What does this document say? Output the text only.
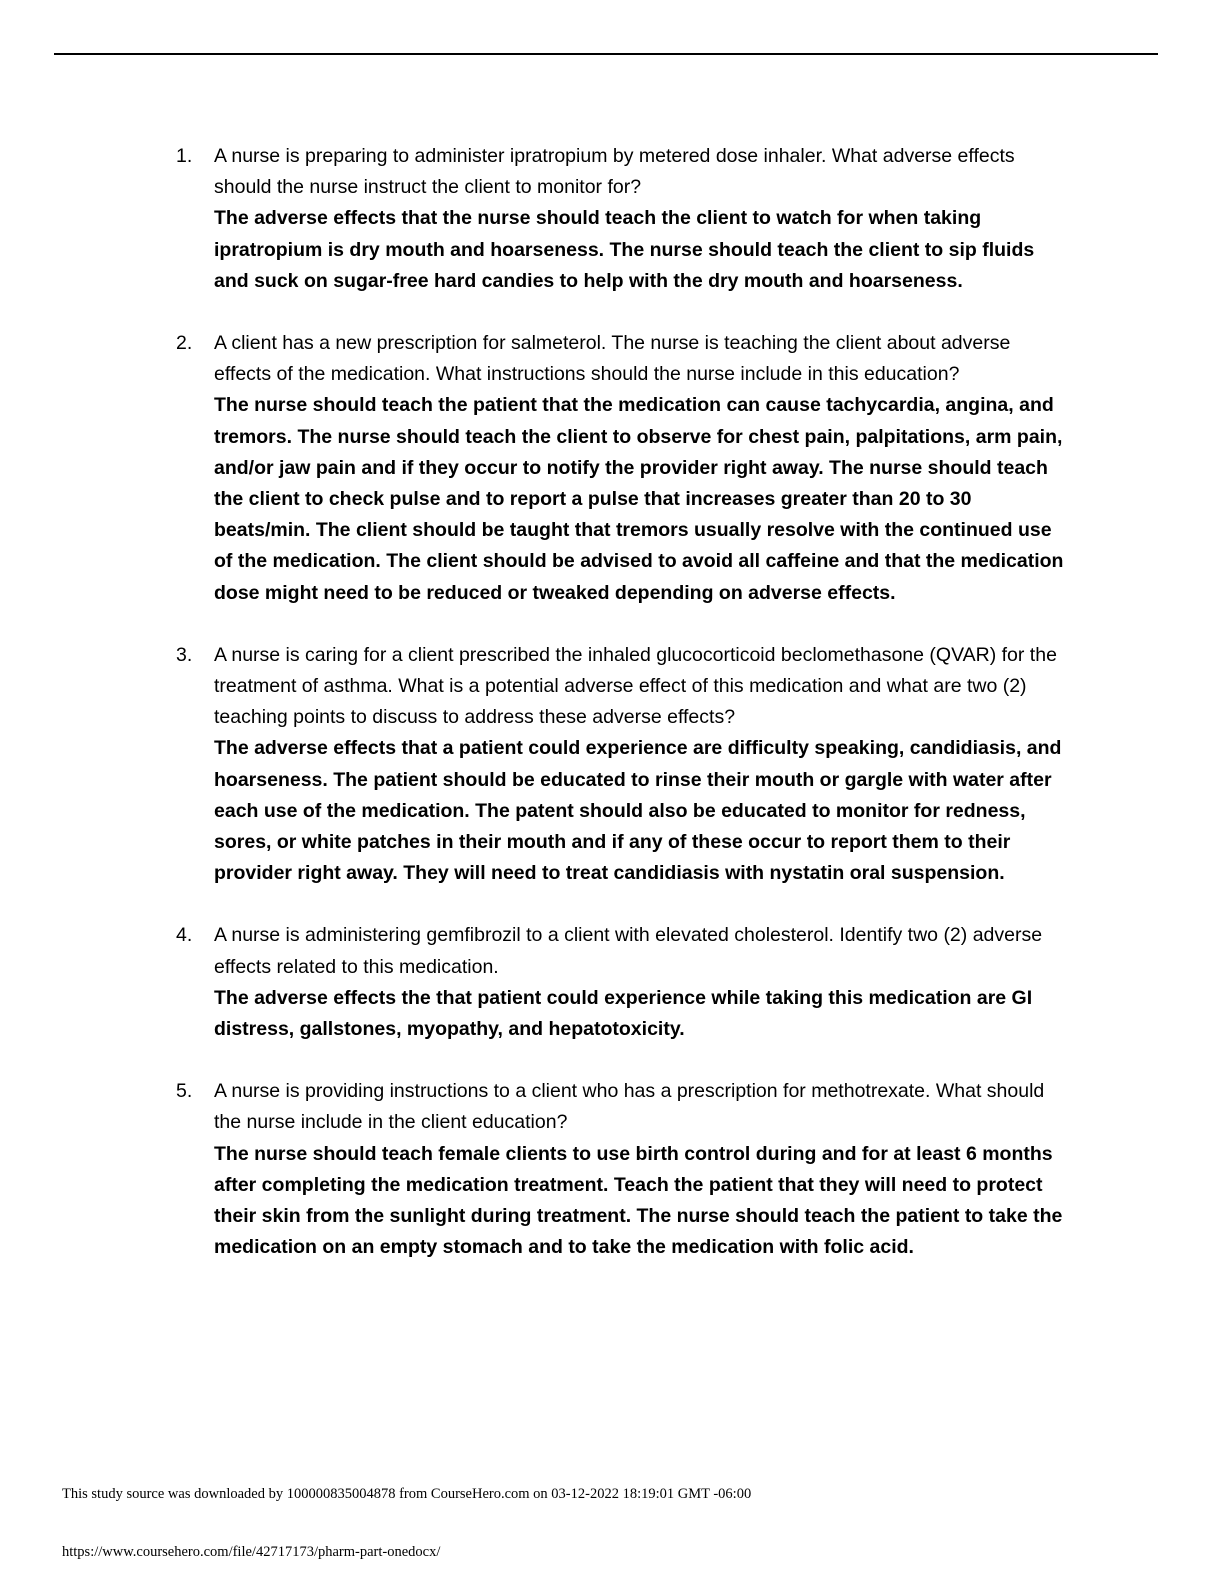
1. A nurse is preparing to administer ipratropium by metered dose inhaler. What adverse effects should the nurse instruct the client to monitor for?
The adverse effects that the nurse should teach the client to watch for when taking ipratropium is dry mouth and hoarseness. The nurse should teach the client to sip fluids and suck on sugar-free hard candies to help with the dry mouth and hoarseness.
2. A client has a new prescription for salmeterol. The nurse is teaching the client about adverse effects of the medication. What instructions should the nurse include in this education?
The nurse should teach the patient that the medication can cause tachycardia, angina, and tremors. The nurse should teach the client to observe for chest pain, palpitations, arm pain, and/or jaw pain and if they occur to notify the provider right away. The nurse should teach the client to check pulse and to report a pulse that increases greater than 20 to 30 beats/min. The client should be taught that tremors usually resolve with the continued use of the medication. The client should be advised to avoid all caffeine and that the medication dose might need to be reduced or tweaked depending on adverse effects.
3. A nurse is caring for a client prescribed the inhaled glucocorticoid beclomethasone (QVAR) for the treatment of asthma. What is a potential adverse effect of this medication and what are two (2) teaching points to discuss to address these adverse effects?
The adverse effects that a patient could experience are difficulty speaking, candidiasis, and hoarseness. The patient should be educated to rinse their mouth or gargle with water after each use of the medication. The patent should also be educated to monitor for redness, sores, or white patches in their mouth and if any of these occur to report them to their provider right away. They will need to treat candidiasis with nystatin oral suspension.
4. A nurse is administering gemfibrozil to a client with elevated cholesterol. Identify two (2) adverse effects related to this medication.
The adverse effects the that patient could experience while taking this medication are GI distress, gallstones, myopathy, and hepatotoxicity.
5. A nurse is providing instructions to a client who has a prescription for methotrexate. What should the nurse include in the client education?
The nurse should teach female clients to use birth control during and for at least 6 months after completing the medication treatment. Teach the patient that they will need to protect their skin from the sunlight during treatment. The nurse should teach the patient to take the medication on an empty stomach and to take the medication with folic acid.
This study source was downloaded by 100000835004878 from CourseHero.com on 03-12-2022 18:19:01 GMT -06:00
https://www.coursehero.com/file/42717173/pharm-part-onedocx/
